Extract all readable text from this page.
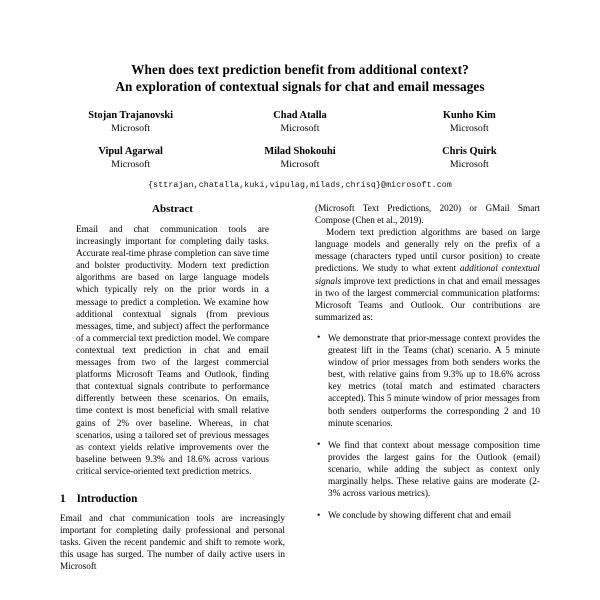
When does text prediction benefit from additional context?
An exploration of contextual signals for chat and email messages
Stojan Trajanovski
Microsoft
Chad Atalla
Microsoft
Kunho Kim
Microsoft
Vipul Agarwal
Microsoft
Milad Shokouhi
Microsoft
Chris Quirk
Microsoft
{sttrajan,chatalla,kuki,vipulag,milads,chrisq}@microsoft.com
Abstract

Email and chat communication tools are increasingly important for completing daily tasks. Accurate real-time phrase completion can save time and bolster productivity. Modern text prediction algorithms are based on large language models which typically rely on the prior words in a message to predict a completion. We examine how additional contextual signals (from previous messages, time, and subject) affect the performance of a commercial text prediction model. We compare contextual text prediction in chat and email messages from two of the largest commercial platforms Microsoft Teams and Outlook, finding that contextual signals contribute to performance differently between these scenarios. On emails, time context is most beneficial with small relative gains of 2% over baseline. Whereas, in chat scenarios, using a tailored set of previous messages as context yields relative improvements over the baseline between 9.3% and 18.6% across various critical service-oriented text prediction metrics.

1 Introduction

Email and chat communication tools are increasingly important for completing daily professional and personal tasks. Given the recent pandemic and shift to remote work, this usage has surged. The number of daily active users in Microsoft

(Microsoft Text Predictions, 2020) or GMail Smart Compose (Chen et al., 2019).

Modern text prediction algorithms are based on large language models and generally rely on the prefix of a message (characters typed until cursor position) to create predictions. We study to what extent additional contextual signals improve text predictions in chat and email messages in two of the largest commercial communication platforms: Microsoft Teams and Outlook. Our contributions are summarized as:

• We demonstrate that prior-message context provides the greatest lift in the Teams (chat) scenario. A 5 minute window of prior messages from both senders works the best, with relative gains from 9.3% up to 18.6% across key metrics (total match and estimated characters accepted). This 5 minute window of prior messages from both senders outperforms the corresponding 2 and 10 minute scenarios.
• We find that context about message composition time provides the largest gains for the Outlook (email) scenario, while adding the subject as context only marginally helps. These relative gains are moderate (2-3% across various metrics).
• We conclude by showing different chat and email
